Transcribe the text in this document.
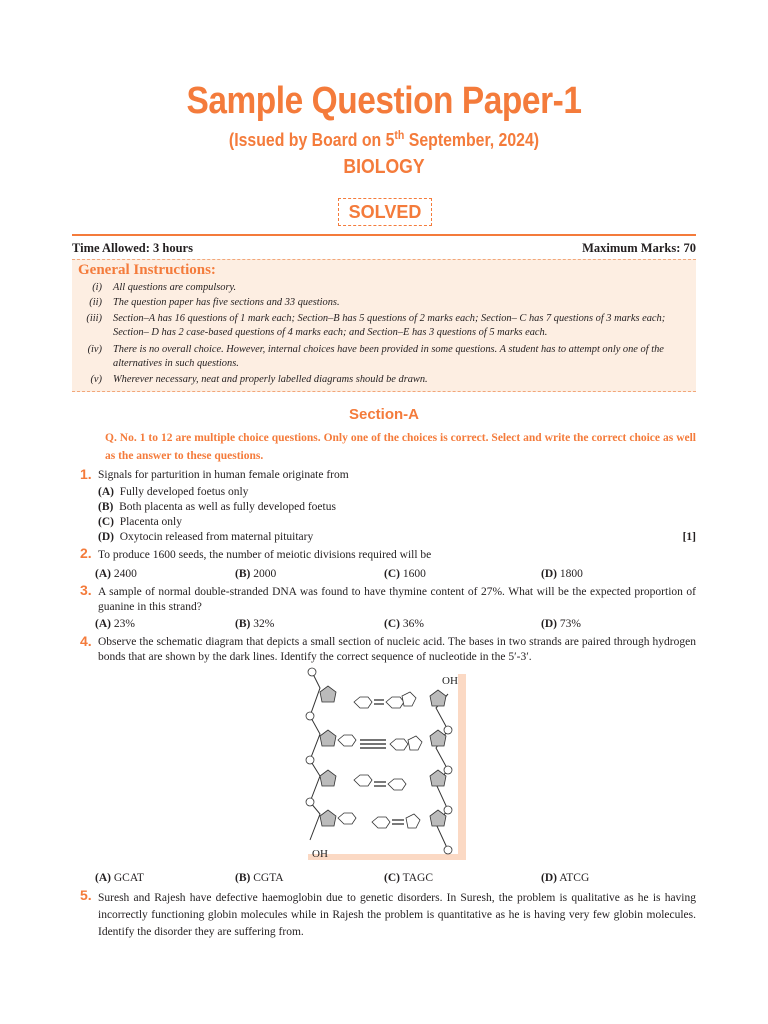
Sample Question Paper-1
(Issued by Board on 5th September, 2024)
BIOLOGY
SOLVED
Time Allowed: 3 hours	Maximum Marks: 70
General Instructions:
(i) All questions are compulsory.
(ii) The question paper has five sections and 33 questions.
(iii) Section–A has 16 questions of 1 mark each; Section–B has 5 questions of 2 marks each; Section– C has 7 questions of 3 marks each; Section– D has 2 case-based questions of 4 marks each; and Section–E has 3 questions of 5 marks each.
(iv) There is no overall choice. However, internal choices have been provided in some questions. A student has to attempt only one of the alternatives in such questions.
(v) Wherever necessary, neat and properly labelled diagrams should be drawn.
Section-A
Q. No. 1 to 12 are multiple choice questions. Only one of the choices is correct. Select and write the correct choice as well as the answer to these questions.
1. Signals for parturition in human female originate from
(A) Fully developed foetus only
(B) Both placenta as well as fully developed foetus
(C) Placenta only
(D) Oxytocin released from maternal pituitary	[1]
2. To produce 1600 seeds, the number of meiotic divisions required will be
(A) 2400	(B) 2000	(C) 1600	(D) 1800
3. A sample of normal double-stranded DNA was found to have thymine content of 27%. What will be the expected proportion of guanine in this strand?
(A) 23%	(B) 32%	(C) 36%	(D) 73%
4. Observe the schematic diagram that depicts a small section of nucleic acid. The bases in two strands are paired through hydrogen bonds that are shown by the dark lines. Identify the correct sequence of nucleotide in the 5′-3′.
OH
OH
(A) GCAT	(B) CGTA	(C) TAGC	(D) ATCG
5. Suresh and Rajesh have defective haemoglobin due to genetic disorders. In Suresh, the problem is qualitative as he is having incorrectly functioning globin molecules while in Rajesh the problem is quantitative as he is having very few globin molecules. Identify the disorder they are suffering from.
